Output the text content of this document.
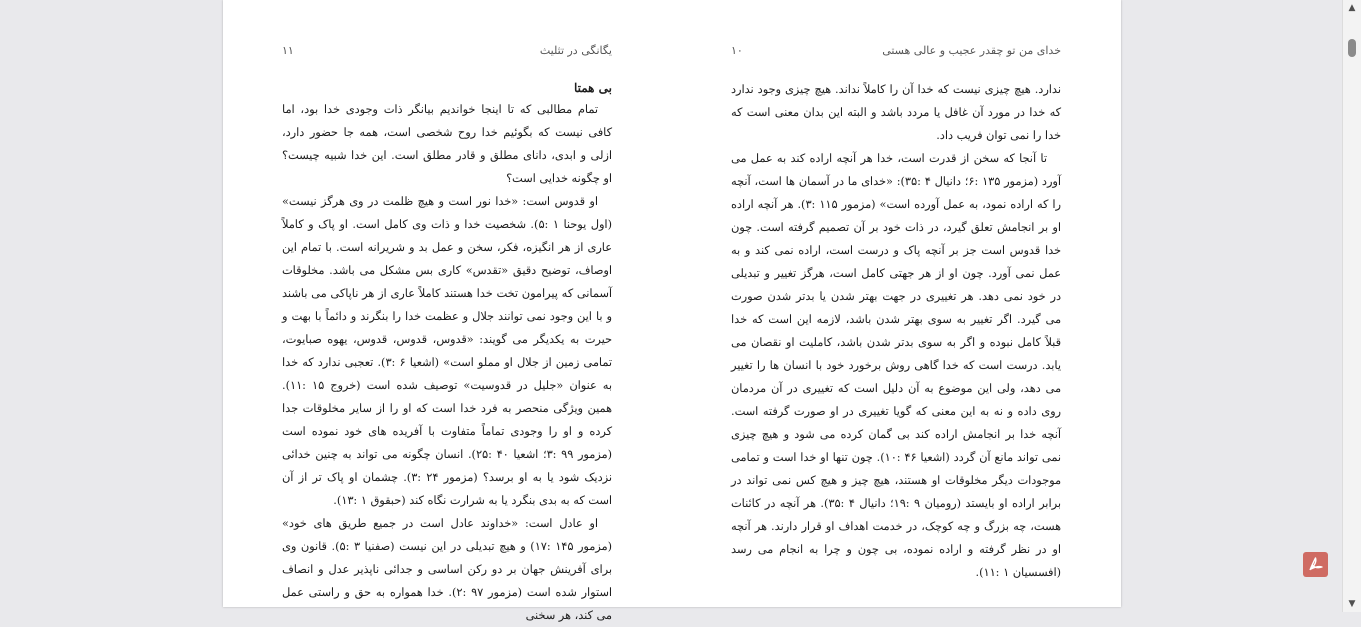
یگانگی در تثلیث
۱۱
بی همتا

تمام مطالبی که تا اینجا خواندیم بیانگر ذات وجودی خدا بود، اما کافی نیست که بگوئیم خدا روح شخصی است، همه جا حضور دارد، ازلی و ابدی، دانای مطلق و قادر مطلق است. این خدا شبیه چیست؟ او چگونه خدایی است؟

او قدوس است: «خدا نور است و هیچ ظلمت در وی هرگز نیست» (اول یوحنا ۱ :۵). شخصیت خدا و ذات وی کامل است. او پاک و کاملاً عاری از هر انگیزه، فکر، سخن و عمل بد و شریرانه است. با تمام این اوصاف، توضیح دقیق «تقدس» کاری بس مشکل می باشد. مخلوقات آسمانی که پیرامون تخت خدا هستند کاملاً عاری از هر ناپاکی می باشند و با این وجود نمی توانند جلال و عظمت خدا را بنگرند و دائماً با بهت و حیرت به یکدیگر می گویند: «قدوس، قدوس، قدوس، یهوه صبایوت، تمامی زمین از جلال او مملو است» (اشعیا ۶ :۳). تعجبی ندارد که خدا به عنوان «جلیل در قدوسیت» توصیف شده است (خروج ۱۵ :۱۱). همین ویژگی منحصر به فرد خدا است که او را از سایر مخلوقات جدا کرده و او را وجودی تماماً متفاوت با آفریده های خود نموده است (مزمور ۹۹ :۳؛ اشعیا ۴۰ :۲۵). انسان چگونه می تواند به چنین خدائی نزدیک شود یا به او برسد؟ (مزمور ۲۴ :۳). چشمان او پاک تر از آن است که به بدی بنگرد یا به شرارت نگاه کند (حبقوق ۱ :۱۳).

او عادل است: «خداوند عادل است در جمیع طریق های خود» (مزمور ۱۴۵ :۱۷) و هیچ تبدیلی در این نیست (صفنیا ۳ :۵). قانون وی برای آفرینش جهان بر دو رکن اساسی و جدائی ناپذیر عدل و انصاف استوار شده است (مزمور ۹۷ :۲). خدا همواره به حق و راستی عمل می کند، هر سخنی

خدای من تو چقدر عجیب و عالی هستی
۱۰

ندارد. هیچ چیزی نیست که خدا آن را کاملاً نداند. هیچ چیزی وجود ندارد که خدا در مورد آن غافل یا مردد باشد و البته این بدان معنی است که خدا را نمی توان فریب داد.

تا آنجا که سخن از قدرت است، خدا هر آنچه اراده کند به عمل می آورد (مزمور ۱۳۵ :۶؛ دانیال ۴ :۳۵): «خدای ما در آسمان ها است، آنچه را که اراده نمود، به عمل آورده است» (مزمور ۱۱۵ :۳). هر آنچه اراده او بر انجامش تعلق گیرد، در ذات خود بر آن تصمیم گرفته است. چون خدا قدوس است جز بر آنچه پاک و درست است، اراده نمی کند و به عمل نمی آورد. چون او از هر جهتی کامل است، هرگز تغییر و تبدیلی در خود نمی دهد. هر تغییری در جهت بهتر شدن یا بدتر شدن صورت می گیرد. اگر تغییر به سوی بهتر شدن باشد، لازمه این است که خدا قبلاً کامل نبوده و اگر به سوی بدتر شدن باشد، کاملیت او نقصان می یابد. درست است که خدا گاهی روش برخورد خود با انسان ها را تغییر می دهد، ولی این موضوع به آن دلیل است که تغییری در آن مردمان روی داده و نه به این معنی که گویا تغییری در او صورت گرفته است. آنچه خدا بر انجامش اراده کند بی گمان کرده می شود و هیچ چیزی نمی تواند مانع آن گردد (اشعیا ۴۶ :۱۰). چون تنها او خدا است و تمامی موجودات دیگر مخلوقات او هستند، هیچ چیز و هیچ کس نمی تواند در برابر اراده او بایستد (رومیان ۹ :۱۹؛ دانیال ۴ :۳۵). هر آنچه در کائنات هست، چه بزرگ و چه کوچک، در خدمت اهداف او قرار دارند. هر آنچه او در نظر گرفته و اراده نموده، بی چون و چرا به انجام می رسد (افسسیان ۱ :۱۱).

▲
▼
